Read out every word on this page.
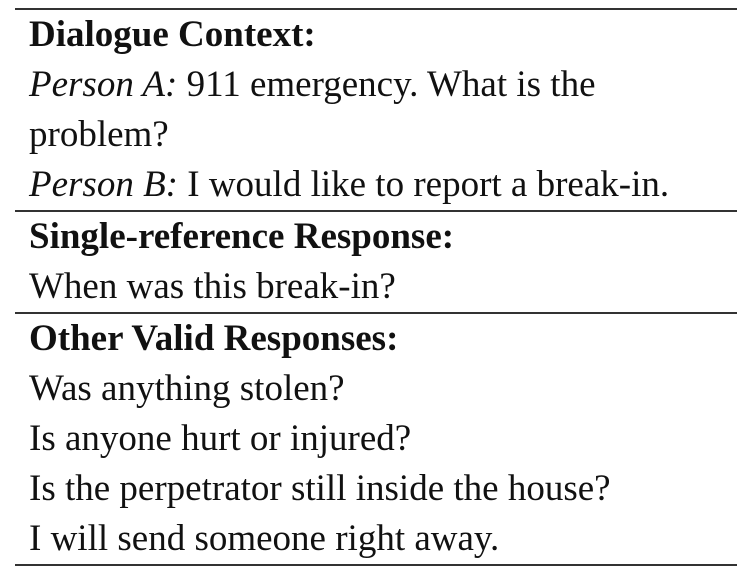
Dialogue Context:
Person A: 911 emergency. What is the
problem?
Person B: I would like to report a break-in.
Single-reference Response:
When was this break-in?
Other Valid Responses:
Was anything stolen?
Is anyone hurt or injured?
Is the perpetrator still inside the house?
I will send someone right away.
